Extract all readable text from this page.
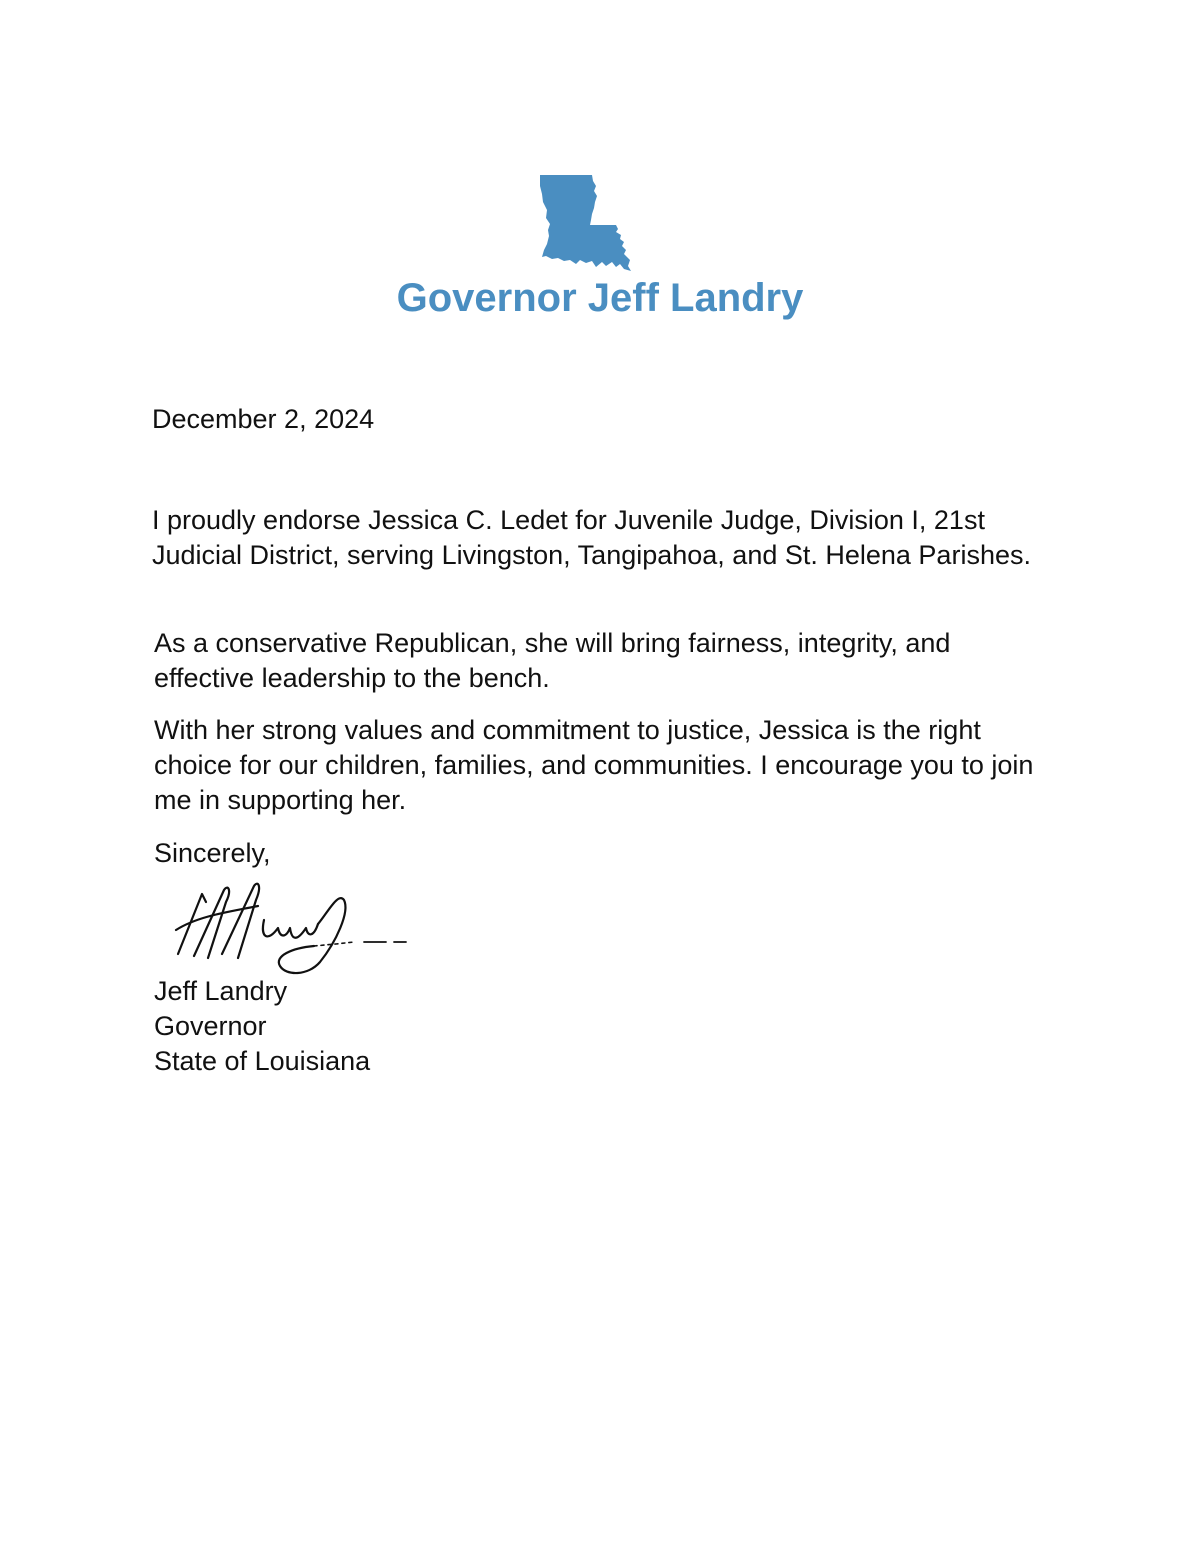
Governor Jeff Landry
December 2, 2024

I proudly endorse Jessica C. Ledet for Juvenile Judge, Division I, 21st Judicial District, serving Livingston, Tangipahoa, and St. Helena Parishes.

As a conservative Republican, she will bring fairness, integrity, and effective leadership to the bench.

With her strong values and commitment to justice, Jessica is the right choice for our children, families, and communities. I encourage you to join me in supporting her.

Sincerely,
Jeff Landry
Governor
State of Louisiana
